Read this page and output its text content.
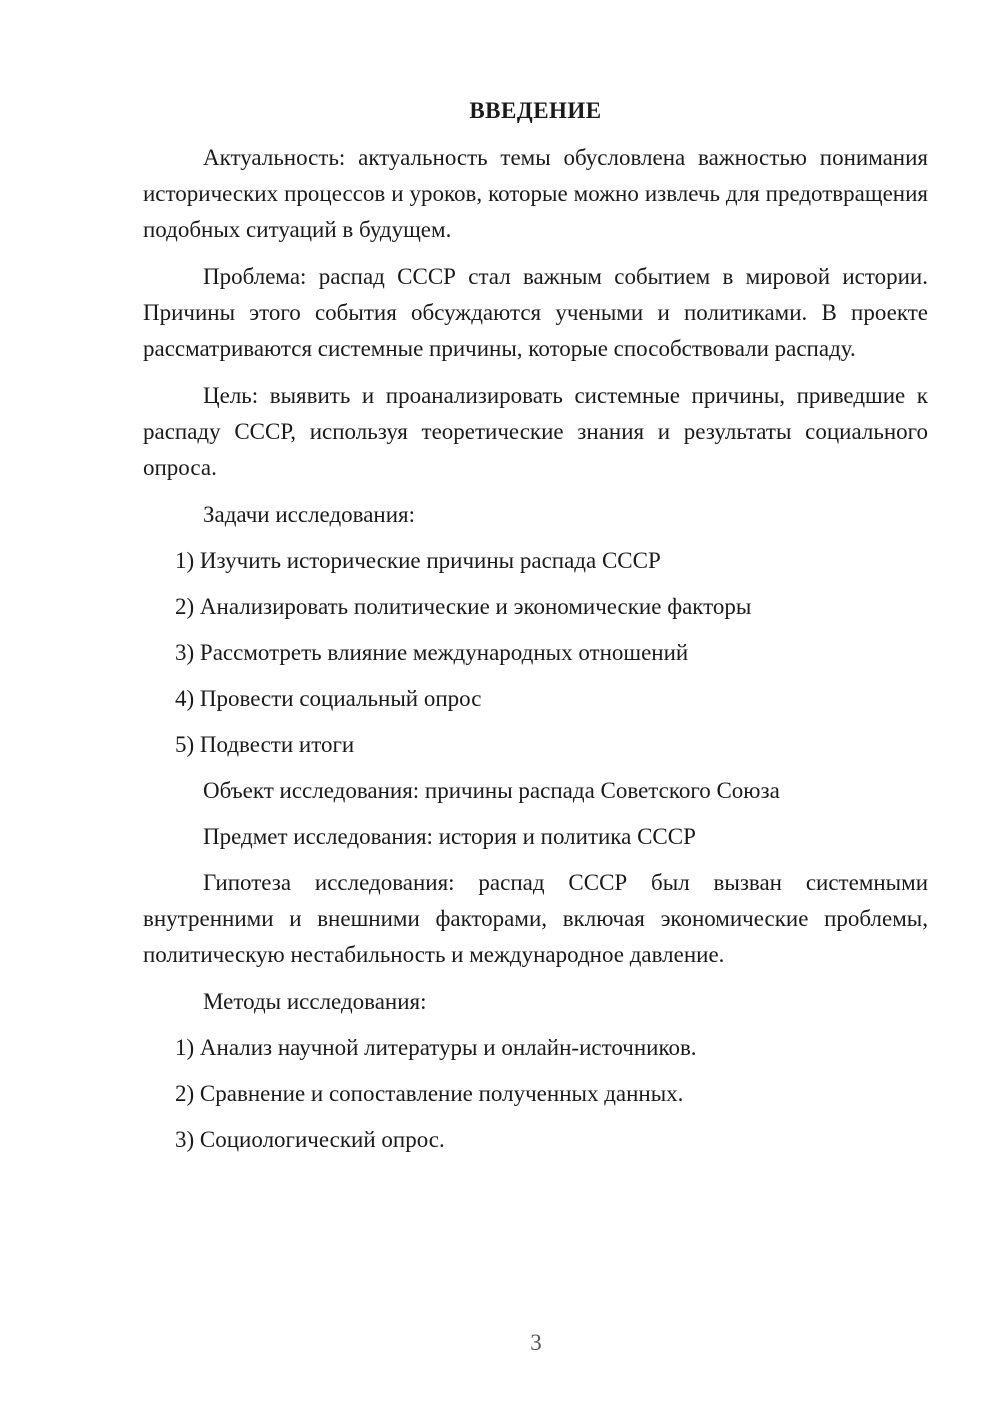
ВВЕДЕНИЕ

Актуальность: актуальность темы обусловлена важностью понимания исторических процессов и уроков, которые можно извлечь для предотвращения подобных ситуаций в будущем.

Проблема: распад СССР стал важным событием в мировой истории. Причины этого события обсуждаются учеными и политиками. В проекте рассматриваются системные причины, которые способствовали распаду.

Цель: выявить и проанализировать системные причины, приведшие к распаду СССР, используя теоретические знания и результаты социального опроса.

Задачи исследования:
1) Изучить исторические причины распада СССР
2) Анализировать политические и экономические факторы
3) Рассмотреть влияние международных отношений
4) Провести социальный опрос
5) Подвести итоги
Объект исследования: причины распада Советского Союза
Предмет исследования: история и политика СССР

Гипотеза исследования: распад СССР был вызван системными внутренними и внешними факторами, включая экономические проблемы, политическую нестабильность и международное давление.

Методы исследования:
1) Анализ научной литературы и онлайн-источников.
2) Сравнение и сопоставление полученных данных.
3) Социологический опрос.
3
